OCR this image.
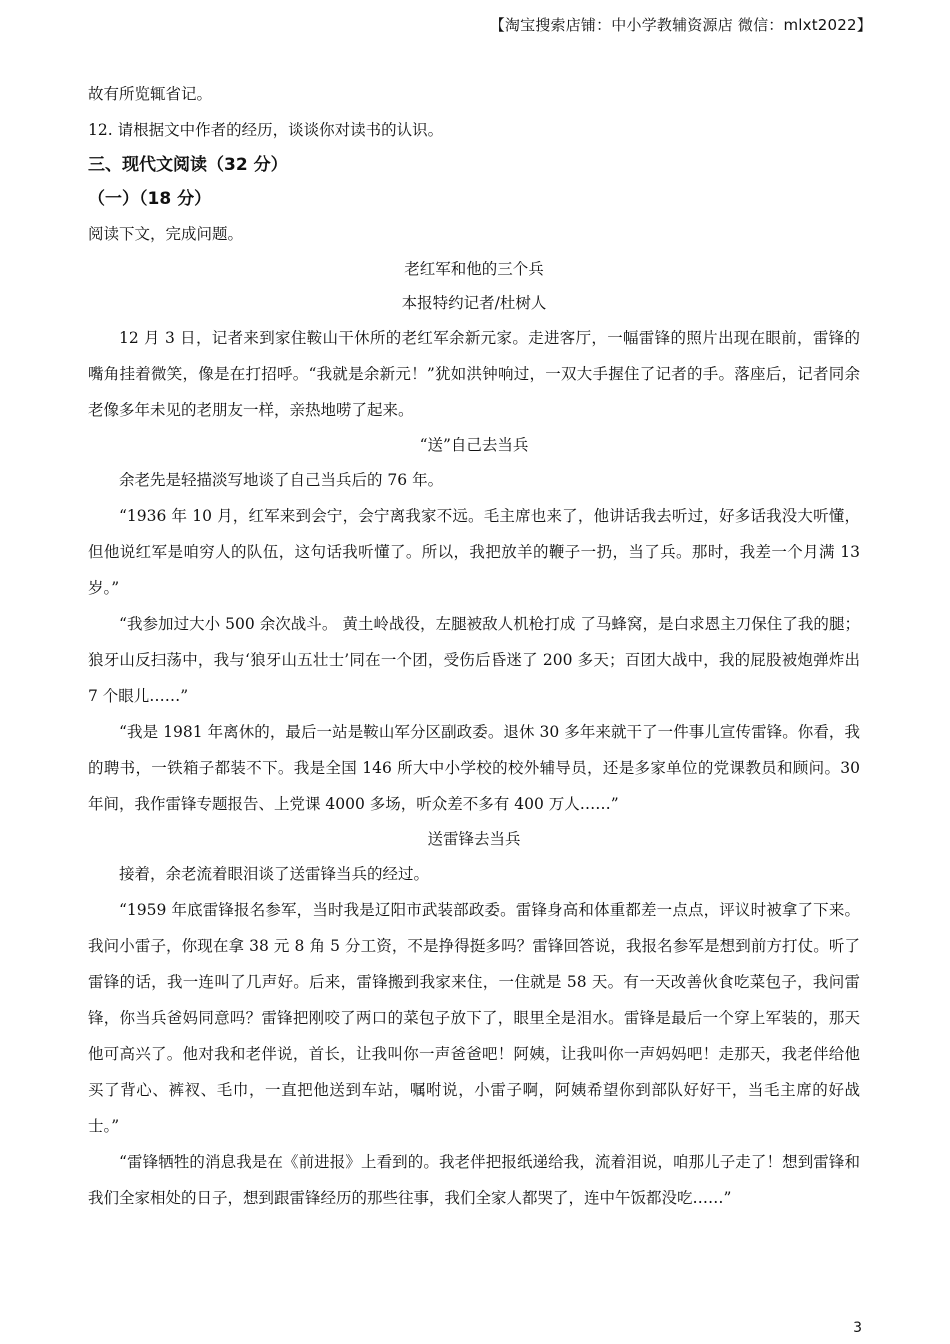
【淘宝搜索店铺：中小学教辅资源店 微信：mlxt2022】
故有所览辄省记。
12. 请根据文中作者的经历，谈谈你对读书的认识。
三、现代文阅读（32 分）
（一）（18 分）
阅读下文，完成问题。
老红军和他的三个兵
本报特约记者/杜树人

12 月 3 日，记者来到家住鞍山干休所的老红军余新元家。走进客厅，一幅雷锋的照片出现在眼前，雷锋的嘴角挂着微笑，像是在打招呼。“我就是余新元！”犹如洪钟响过，一双大手握住了记者的手。落座后，记者同余老像多年未见的老朋友一样，亲热地唠了起来。

“送”自己去当兵

余老先是轻描淡写地谈了自己当兵后的 76 年。

“1936 年 10 月，红军来到会宁，会宁离我家不远。毛主席也来了，他讲话我去听过，好多话我没大听懂，但他说红军是咱穷人的队伍，这句话我听懂了。所以，我把放羊的鞭子一扔，当了兵。那时，我差一个月满 13 岁。”

“我参加过大小 500 余次战斗。 黄土岭战役，左腿被敌人机枪打成 了马蜂窝，是白求恩主刀保住了我的腿；狼牙山反扫荡中，我与‘狼牙山五壮士’同在一个团，受伤后昏迷了 200 多天；百团大战中，我的屁股被炮弹炸出 7 个眼儿……”

“我是 1981 年离休的，最后一站是鞍山军分区副政委。退休 30 多年来就干了一件事儿宣传雷锋。你看，我的聘书，一铁箱子都装不下。我是全国 146 所大中小学校的校外辅导员，还是多家单位的党课教员和顾问。30 年间，我作雷锋专题报告、上党课 4000 多场，听众差不多有 400 万人……”

送雷锋去当兵

接着，余老流着眼泪谈了送雷锋当兵的经过。

“1959 年底雷锋报名参军，当时我是辽阳市武装部政委。雷锋身高和体重都差一点点，评议时被拿了下来。我问小雷子，你现在拿 38 元 8 角 5 分工资，不是挣得挺多吗？雷锋回答说，我报名参军是想到前方打仗。听了雷锋的话，我一连叫了几声好。后来，雷锋搬到我家来住，一住就是 58 天。有一天改善伙食吃菜包子，我问雷锋，你当兵爸妈同意吗？雷锋把刚咬了两口的菜包子放下了，眼里全是泪水。雷锋是最后一个穿上军装的，那天他可高兴了。他对我和老伴说，首长，让我叫你一声爸爸吧！阿姨，让我叫你一声妈妈吧！走那天，我老伴给他买了背心、裤衩、毛巾，一直把他送到车站，嘱咐说，小雷子啊，阿姨希望你到部队好好干，当毛主席的好战士。”

“雷锋牺牲的消息我是在《前进报》上看到的。我老伴把报纸递给我，流着泪说，咱那儿子走了！想到雷锋和我们全家相处的日子，想到跟雷锋经历的那些往事，我们全家人都哭了，连中午饭都没吃……”

3
